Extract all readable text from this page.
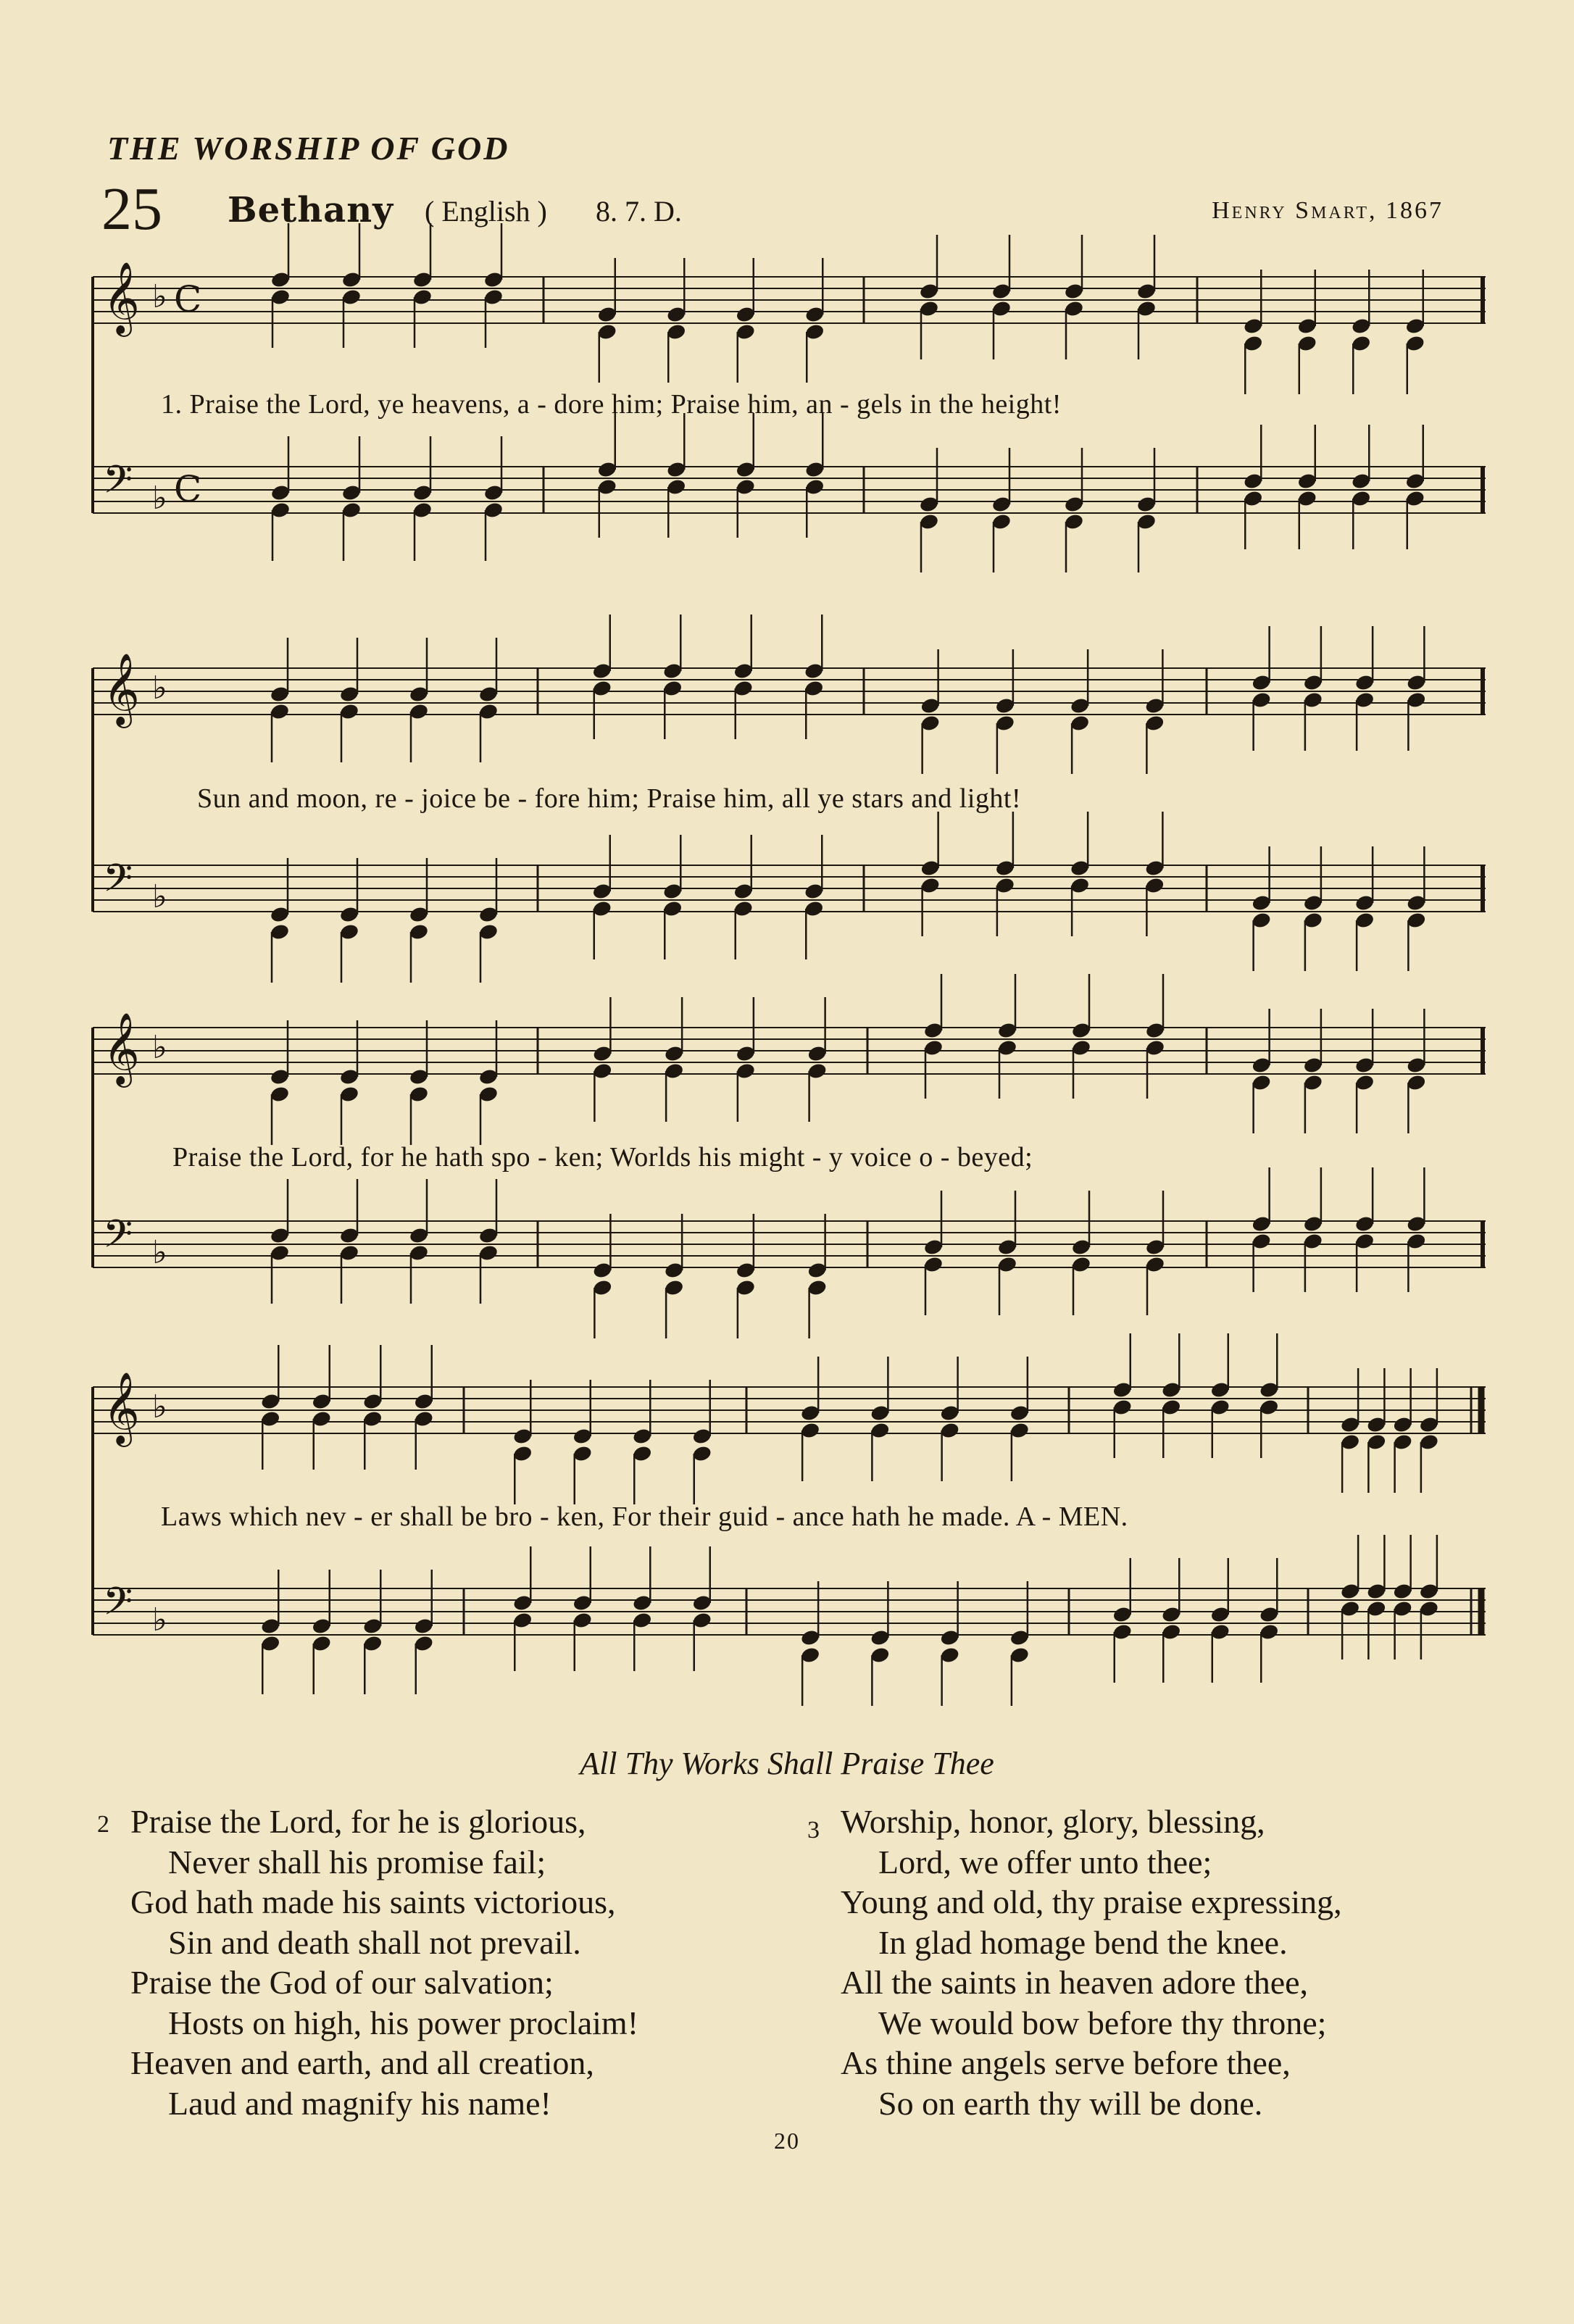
THE WORSHIP OF GOD
25 Bethany ( English ) 8. 7. D.	Henry Smart, 1867
𝄞 ♭ C
𝄢 ♭ C
𝄞 ♭
𝄢 ♭
𝄞 ♭
𝄢 ♭
𝄞 ♭
𝄢 ♭
1. Praise the Lord, ye heavens, a - dore him; Praise him, an - gels in the height!
Sun and moon, re - joice be - fore him; Praise him, all ye stars and light!
Praise the Lord, for he hath spo - ken; Worlds his might - y voice o - beyed;
Laws which nev - er shall be bro - ken, For their guid - ance hath he made. A - MEN.
All Thy Works Shall Praise Thee
2 Praise the Lord, for he is glorious,
Never shall his promise fail;
God hath made his saints victorious,
Sin and death shall not prevail.
Praise the God of our salvation;
Hosts on high, his power proclaim!
Heaven and earth, and all creation,
Laud and magnify his name!
3 Worship, honor, glory, blessing,
Lord, we offer unto thee;
Young and old, thy praise expressing,
In glad homage bend the knee.
All the saints in heaven adore thee,
We would bow before thy throne;
As thine angels serve before thee,
So on earth thy will be done.
20
